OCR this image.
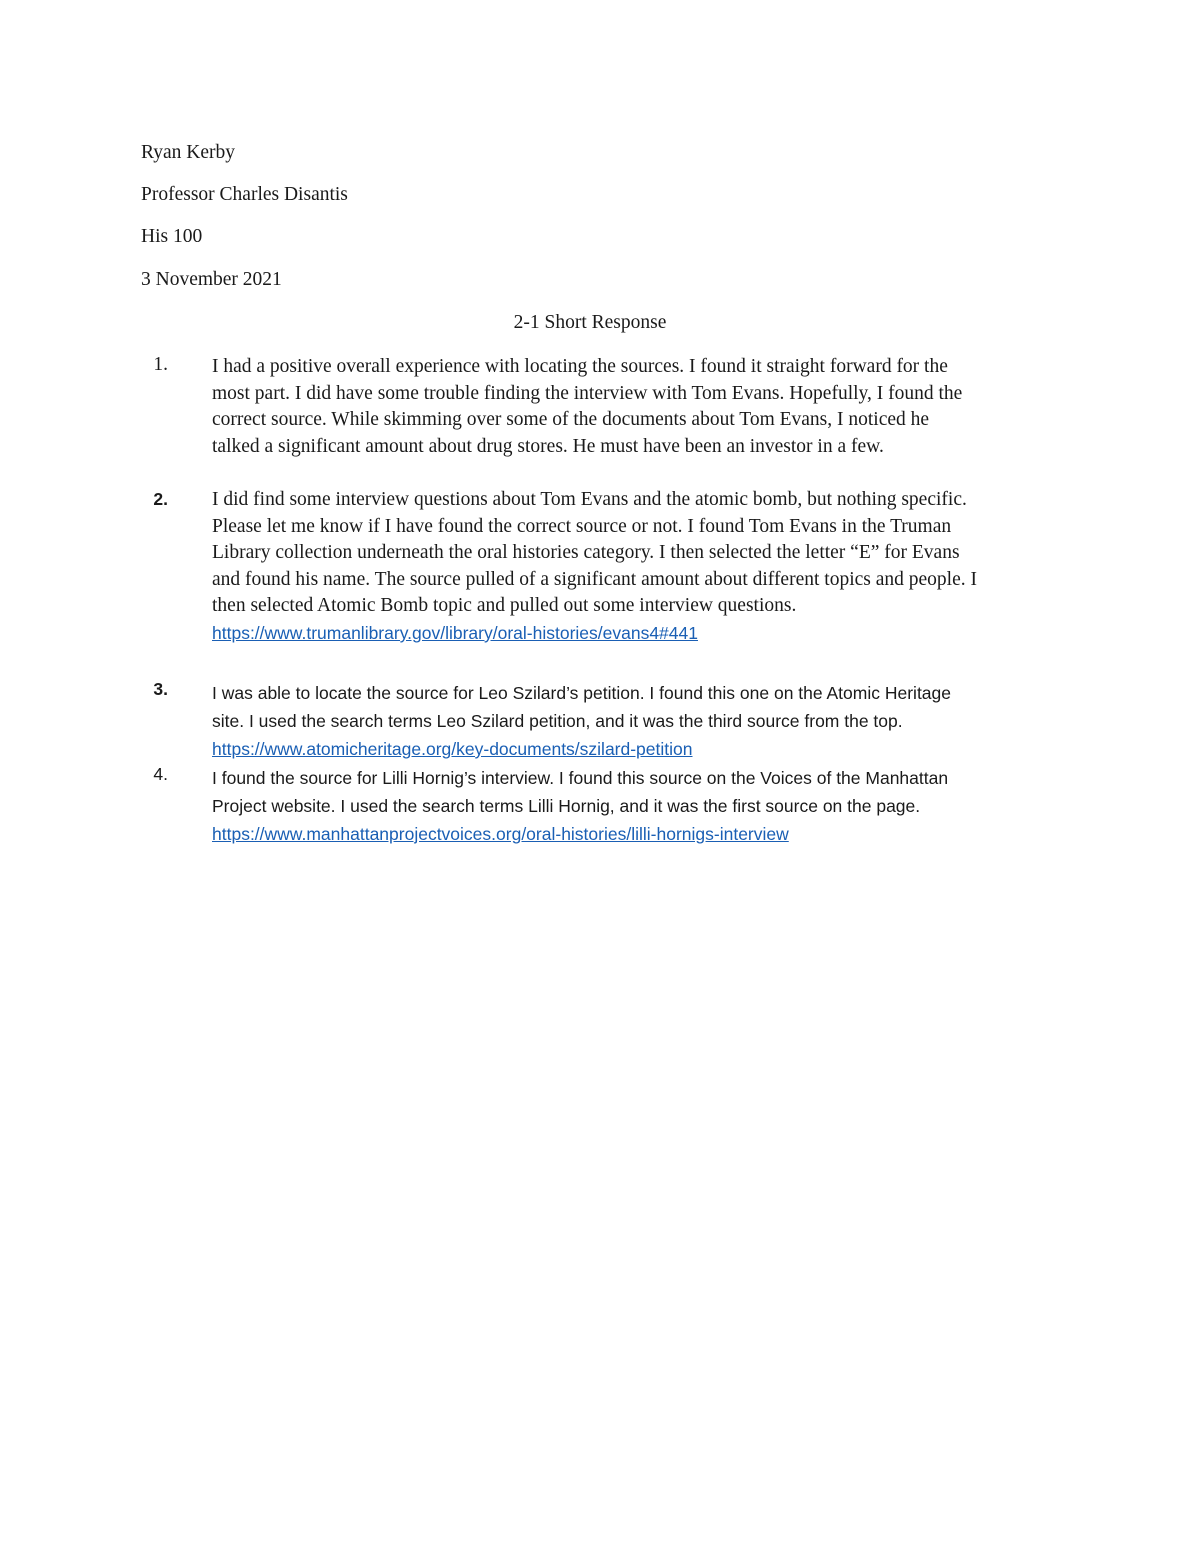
Ryan Kerby
Professor Charles Disantis
His 100
3 November 2021
2-1 Short Response
1. I had a positive overall experience with locating the sources. I found it straight forward for the
most part. I did have some trouble finding the interview with Tom Evans. Hopefully, I found the
correct source. While skimming over some of the documents about Tom Evans, I noticed he
talked a significant amount about drug stores. He must have been an investor in a few.
2. I did find some interview questions about Tom Evans and the atomic bomb, but nothing specific.
Please let me know if I have found the correct source or not. I found Tom Evans in the Truman
Library collection underneath the oral histories category. I then selected the letter “E” for Evans
and found his name. The source pulled of a significant amount about different topics and people. I
then selected Atomic Bomb topic and pulled out some interview questions.
https://www.trumanlibrary.gov/library/oral-histories/evans4#441
3.	I was able to locate the source for Leo Szilard’s petition. I found this one on the Atomic Heritage
site. I used the search terms Leo Szilard petition, and it was the third source from the top.
https://www.atomicheritage.org/key-documents/szilard-petition
4.	I found the source for Lilli Hornig’s interview. I found this source on the Voices of the Manhattan
Project website. I used the search terms Lilli Hornig, and it was the first source on the page.
https://www.manhattanprojectvoices.org/oral-histories/lilli-hornigs-interview
